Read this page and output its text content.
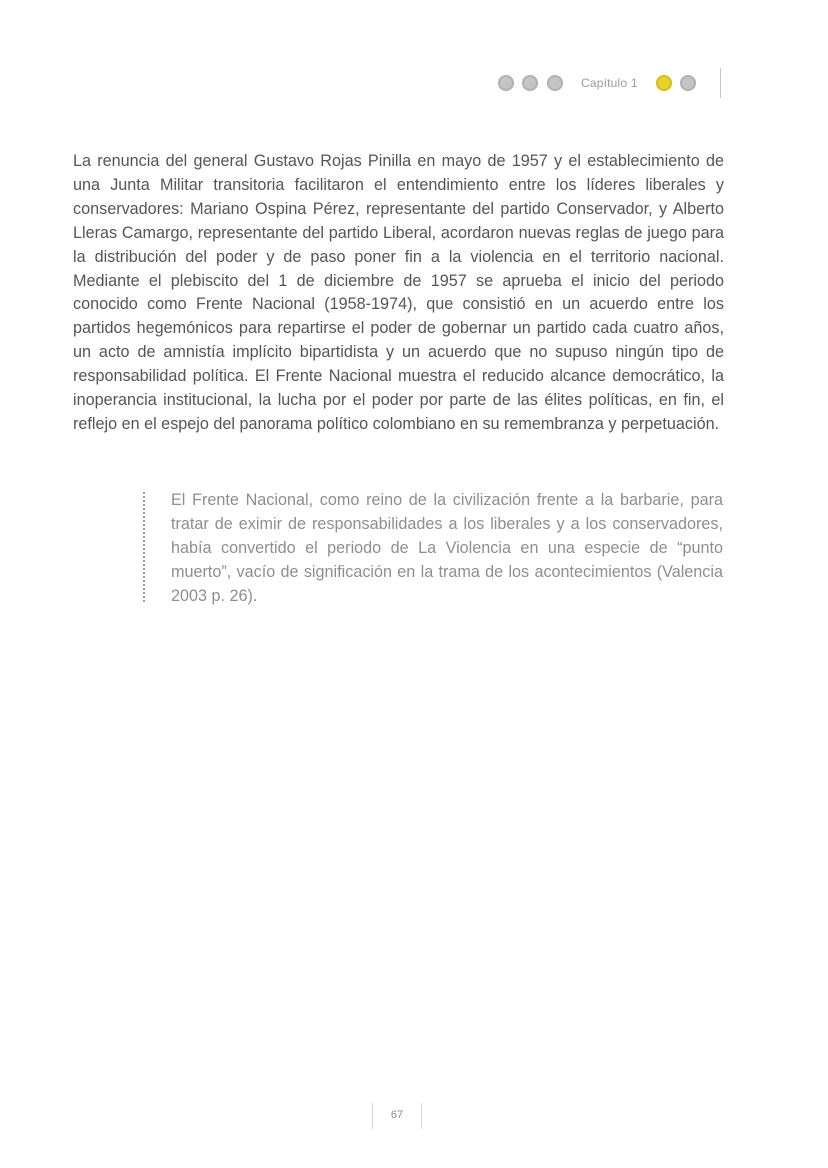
Capítulo 1

La renuncia del general Gustavo Rojas Pinilla en mayo de 1957 y el establecimiento de una Junta Militar transitoria facilitaron el entendimiento entre los líderes liberales y conservadores: Mariano Ospina Pérez, representante del partido Conservador, y Alberto Lleras Camargo, representante del partido Liberal, acordaron nuevas reglas de juego para la distribución del poder y de paso poner fin a la violencia en el territorio nacional. Mediante el plebiscito del 1 de diciembre de 1957 se aprueba el inicio del periodo conocido como Frente Nacional (1958-1974), que consistió en un acuerdo entre los partidos hegemónicos para repartirse el poder de gobernar un partido cada cuatro años, un acto de amnistía implícito bipartidista y un acuerdo que no supuso ningún tipo de responsabilidad política. El Frente Nacional muestra el reducido alcance democrático, la inoperancia institucional, la lucha por el poder por parte de las élites políticas, en fin, el reflejo en el espejo del panorama político colombiano en su remembranza y perpetuación.

El Frente Nacional, como reino de la civilización frente a la barbarie, para tratar de eximir de responsabilidades a los liberales y a los conservadores, había convertido el periodo de La Violencia en una especie de “punto muerto”, vacío de significación en la trama de los acontecimientos (Valencia 2003 p. 26).

67
